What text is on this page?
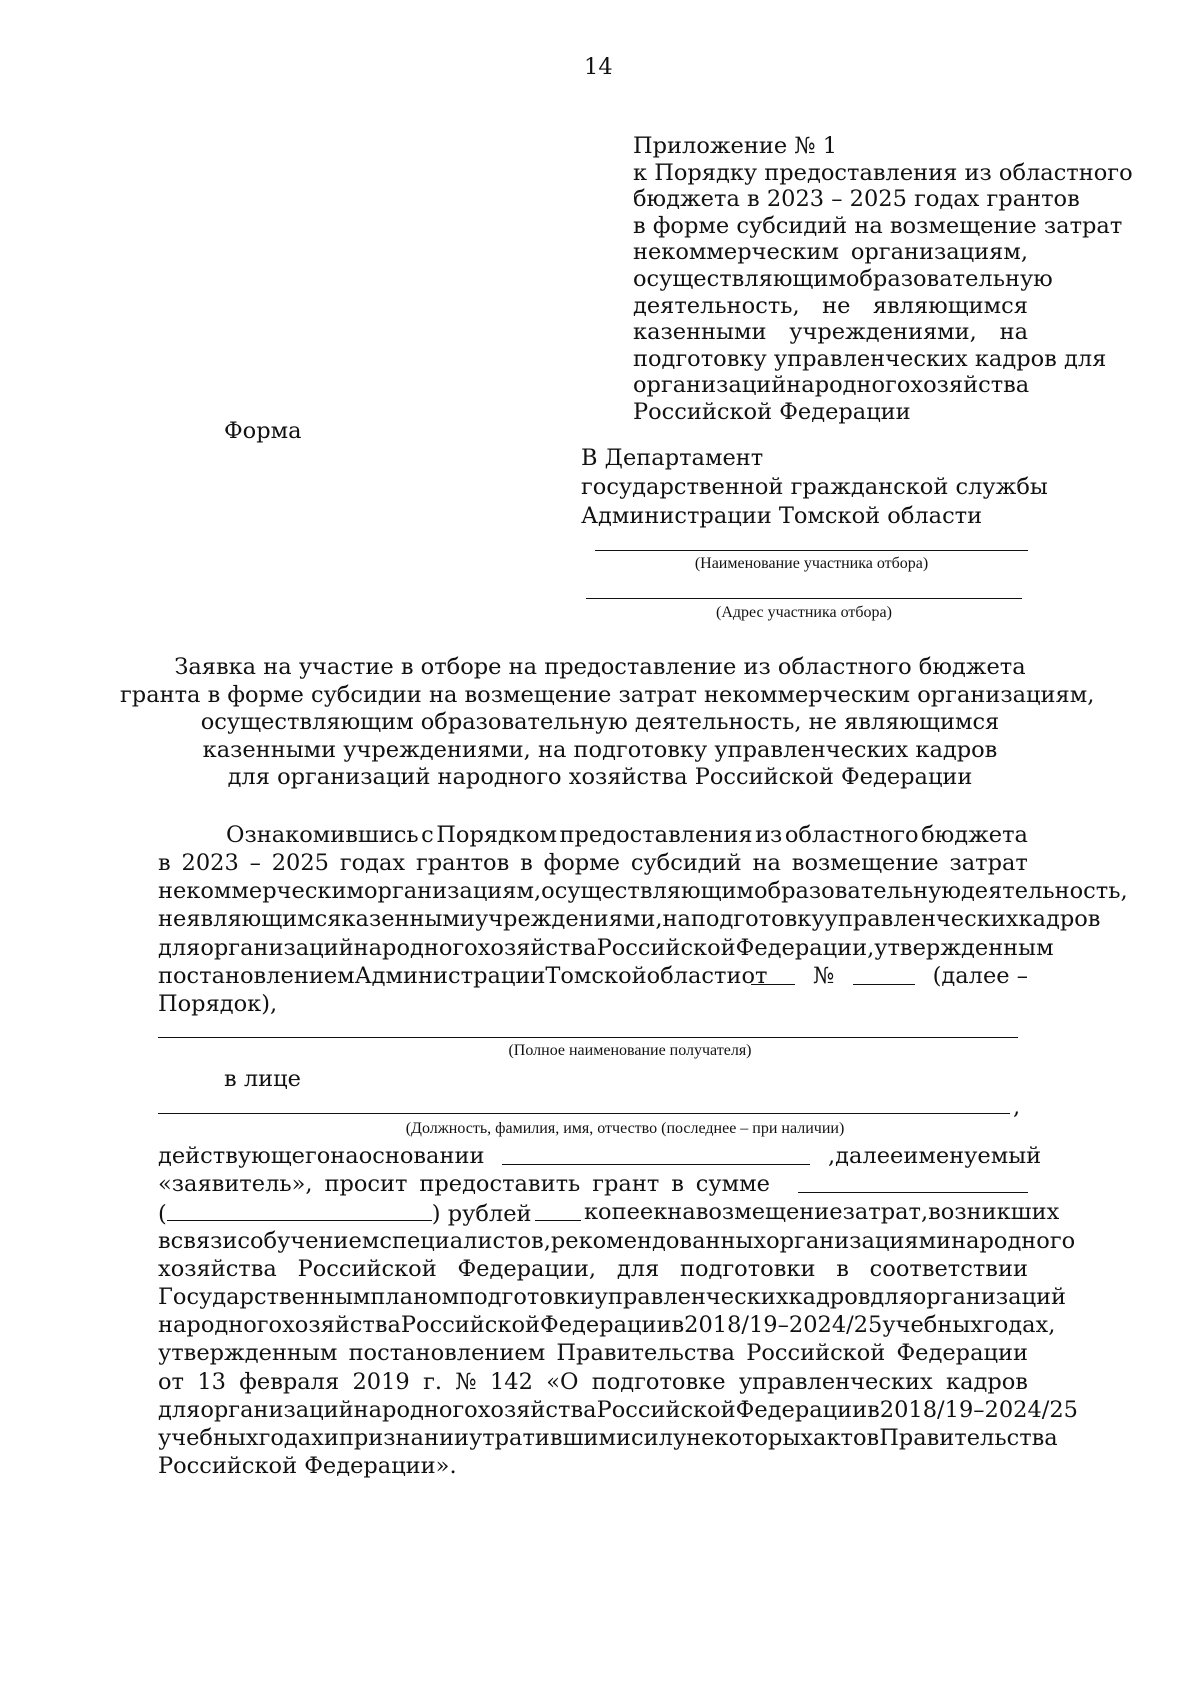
14
Приложение № 1
к Порядку предоставления из областного
бюджета в 2023 – 2025 годах грантов
в форме субсидий на возмещение затрат
некоммерческим организациям,
осуществляющим образовательную
деятельность, не являющимся
казенными учреждениями, на
подготовку управленческих кадров для
организаций народного хозяйства
Российской Федерации
Форма
В Департамент
государственной гражданской службы
Администрации Томской области
(Наименование участника отбора)
(Адрес участника отбора)
Заявка на участие в отборе на предоставление из областного бюджета
гранта в форме субсидии на возмещение затрат некоммерческим организациям,
осуществляющим образовательную деятельность, не являющимся
казенными учреждениями, на подготовку управленческих кадров
для организаций народного хозяйства Российской Федерации
Ознакомившись с Порядком предоставления из областного бюджета
в 2023 – 2025 годах грантов в форме субсидий на возмещение затрат
некоммерческим организациям, осуществляющим образовательную деятельность,
не являющимся казенными учреждениями, на подготовку управленческих кадров
для организаций народного хозяйства Российской Федерации, утвержденным
постановлением Администрации Томской области от №	(далее –
Порядок),
(Полное наименование получателя)
в лице
,
(Должность, фамилия, имя, отчество (последнее – при наличии)
действующего на основании	, далее именуемый
«заявитель», просит предоставить грант в сумме
(	) рублей копеек на возмещение затрат, возникших
в связи с обучением специалистов, рекомендованных организациями народного
хозяйства Российской Федерации, для подготовки в соответствии
Государственным планом подготовки управленческих кадров для организаций
народного хозяйства Российской Федерации в 2018/19 – 2024/25 учебных годах,
утвержденным постановлением Правительства Российской Федерации
от 13 февраля 2019 г. № 142 «О подготовке управленческих кадров
для организаций народного хозяйства Российской Федерации в 2018/19 – 2024/25
учебных годах и признании утратившими силу некоторых актов Правительства
Российской Федерации».
